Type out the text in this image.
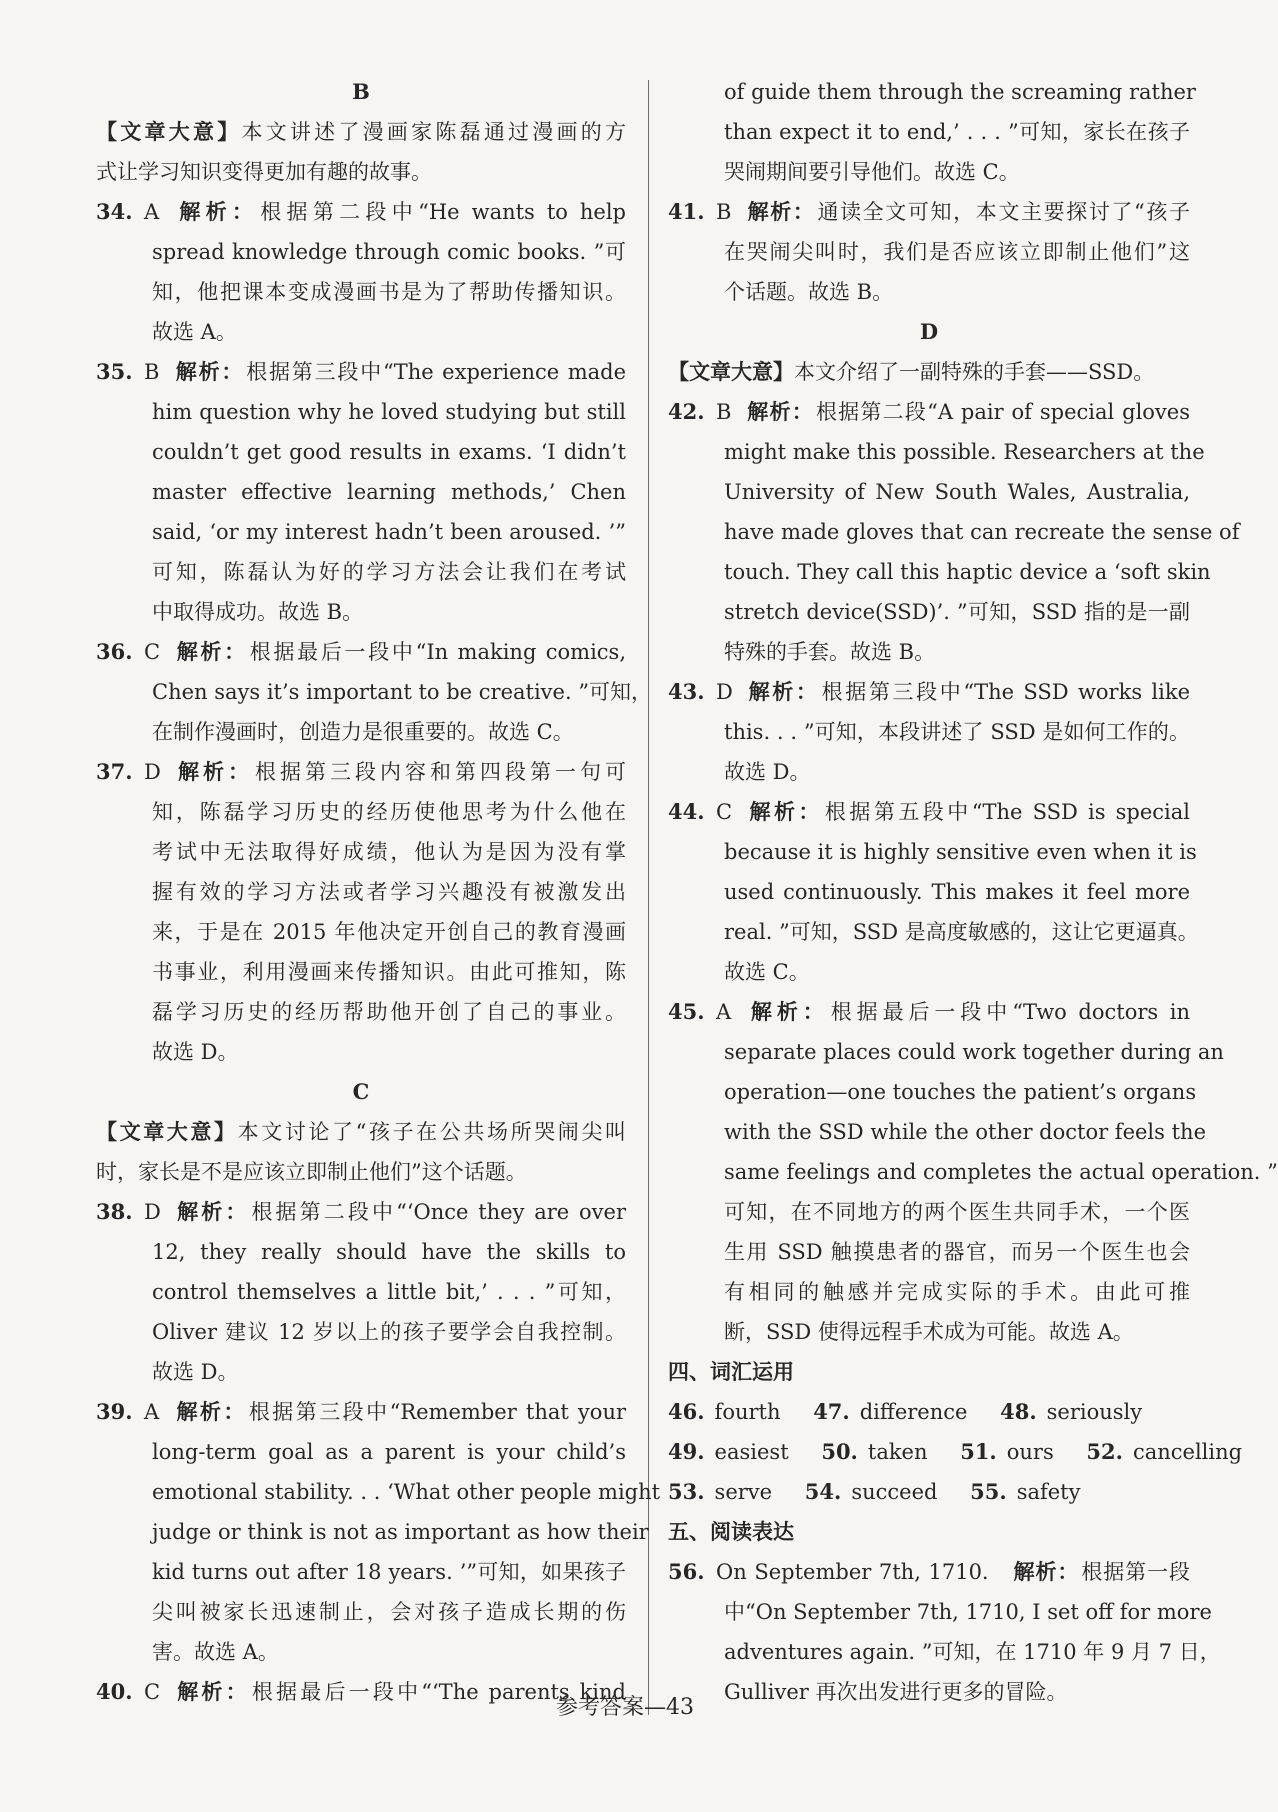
B

【文章大意】本文讲述了漫画家陈磊通过漫画的方

式让学习知识变得更加有趣的故事。

34. A 解析：根据第二段中“He wants to help

spread knowledge through comic books. ”可

知，他把课本变成漫画书是为了帮助传播知识。

故选 A。

35. B 解析：根据第三段中“The experience made

him question why he loved studying but still

couldn’t get good results in exams. ‘I didn’t

master effective learning methods,’ Chen

said, ‘or my interest hadn’t been aroused. ’”

可知，陈磊认为好的学习方法会让我们在考试

中取得成功。故选 B。

36. C 解析：根据最后一段中“In making comics,

Chen says it’s important to be creative. ”可知，

在制作漫画时，创造力是很重要的。故选 C。

37. D 解析：根据第三段内容和第四段第一句可

知，陈磊学习历史的经历使他思考为什么他在

考试中无法取得好成绩，他认为是因为没有掌

握有效的学习方法或者学习兴趣没有被激发出

来，于是在 2015 年他决定开创自己的教育漫画

书事业，利用漫画来传播知识。由此可推知，陈

磊学习历史的经历帮助他开创了自己的事业。

故选 D。

C

【文章大意】本文讨论了“孩子在公共场所哭闹尖叫

时，家长是不是应该立即制止他们”这个话题。

38. D 解析：根据第二段中“‘Once they are over

12, they really should have the skills to

control themselves a little bit,’ . . . ”可知，

Oliver 建议 12 岁以上的孩子要学会自我控制。

故选 D。

39. A 解析：根据第三段中“Remember that your

long-term goal as a parent is your child’s

emotional stability. . . ‘What other people might

judge or think is not as important as how their

kid turns out after 18 years. ’”可知，如果孩子

尖叫被家长迅速制止，会对孩子造成长期的伤

害。故选 A。

40. C 解析：根据最后一段中“‘The parents kind

of guide them through the screaming rather

than expect it to end,’ . . . ”可知，家长在孩子

哭闹期间要引导他们。故选 C。

41. B 解析：通读全文可知，本文主要探讨了“孩子

在哭闹尖叫时，我们是否应该立即制止他们”这

个话题。故选 B。

D

【文章大意】本文介绍了一副特殊的手套——SSD。

42. B 解析：根据第二段“A pair of special gloves

might make this possible. Researchers at the

University of New South Wales, Australia,

have made gloves that can recreate the sense of

touch. They call this haptic device a ‘soft skin

stretch device(SSD)’. ”可知，SSD 指的是一副

特殊的手套。故选 B。

43. D 解析：根据第三段中“The SSD works like

this. . . ”可知，本段讲述了 SSD 是如何工作的。

故选 D。

44. C 解析：根据第五段中“The SSD is special

because it is highly sensitive even when it is

used continuously. This makes it feel more

real. ”可知，SSD 是高度敏感的，这让它更逼真。

故选 C。

45. A 解析：根据最后一段中“Two doctors in

separate places could work together during an

operation—one touches the patient’s organs

with the SSD while the other doctor feels the

same feelings and completes the actual operation. ”

可知，在不同地方的两个医生共同手术，一个医

生用 SSD 触摸患者的器官，而另一个医生也会

有相同的触感并完成实际的手术。由此可推

断，SSD 使得远程手术成为可能。故选 A。

四、词汇运用

46. fourth 47. difference 48. seriously

49. easiest 50. taken 51. ours 52. cancelling

53. serve 54. succeed 55. safety

五、阅读表达

56. On September 7th, 1710. 解析：根据第一段

中“On September 7th, 1710, I set off for more

adventures again. ”可知，在 1710 年 9 月 7 日，

Gulliver 再次出发进行更多的冒险。

参考答案—43
